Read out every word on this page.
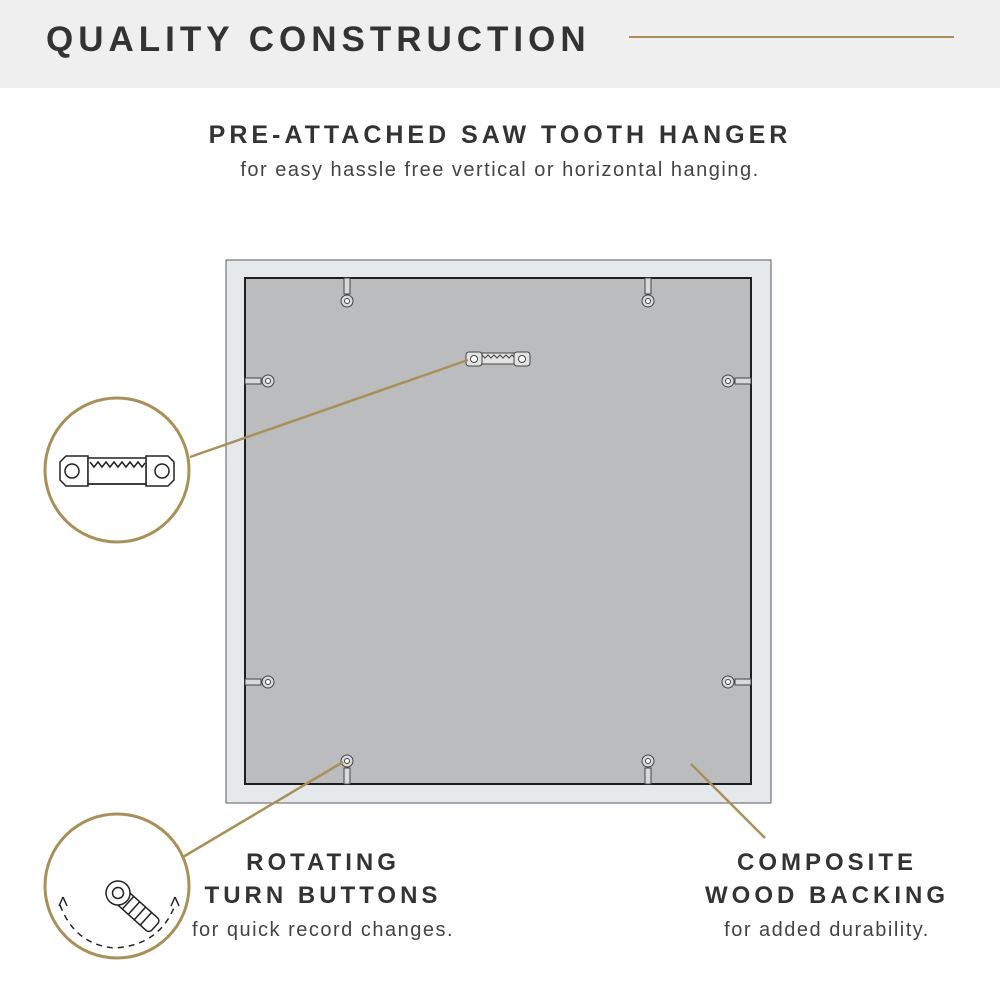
QUALITY CONSTRUCTION
PRE-ATTACHED SAW TOOTH HANGER
for easy hassle free vertical or horizontal hanging.
ROTATING
TURN BUTTONS
for quick record changes.
COMPOSITE
WOOD BACKING
for added durability.
